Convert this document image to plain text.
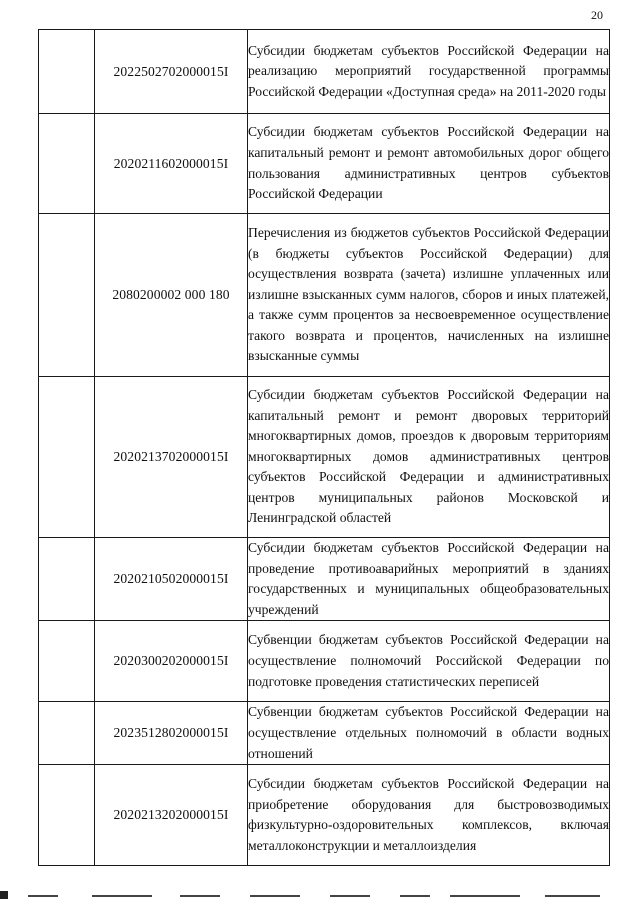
20
	2022502702000015I	Субсидии бюджетам субъектов Российской Федерации на реализацию мероприятий государственной программы Российской Федерации «Доступная среда» на 2011-2020 годы
	2020211602000015I	Субсидии бюджетам субъектов Российской Федерации на капитальный ремонт и ремонт автомобильных дорог общего пользования административных центров субъектов Российской Федерации
	2080200002 000 180	Перечисления из бюджетов субъектов Российской Федерации (в бюджеты субъектов Российской Федерации) для осуществления возврата (зачета) излишне уплаченных или излишне взысканных сумм налогов, сборов и иных платежей, а также сумм процентов за несвоевременное осуществление такого возврата и процентов, начисленных на излишне взысканные суммы
	2020213702000015I	Субсидии бюджетам субъектов Российской Федерации на капитальный ремонт и ремонт дворовых территорий многоквартирных домов, проездов к дворовым территориям многоквартирных домов административных центров субъектов Российской Федерации и административных центров муниципальных районов Московской и Ленинградской областей
	2020210502000015I	Субсидии бюджетам субъектов Российской Федерации на проведение противоаварийных мероприятий в зданиях государственных и муниципальных общеобразовательных учреждений
	2020300202000015I	Субвенции бюджетам субъектов Российской Федерации на осуществление полномочий Российской Федерации по подготовке проведения статистических переписей
	2023512802000015I	Субвенции бюджетам субъектов Российской Федерации на осуществление отдельных полномочий в области водных отношений
	2020213202000015I	Субсидии бюджетам субъектов Российской Федерации на приобретение оборудования для быстровозводимых физкультурно-оздоровительных комплексов, включая металлоконструкции и металлоизделия
